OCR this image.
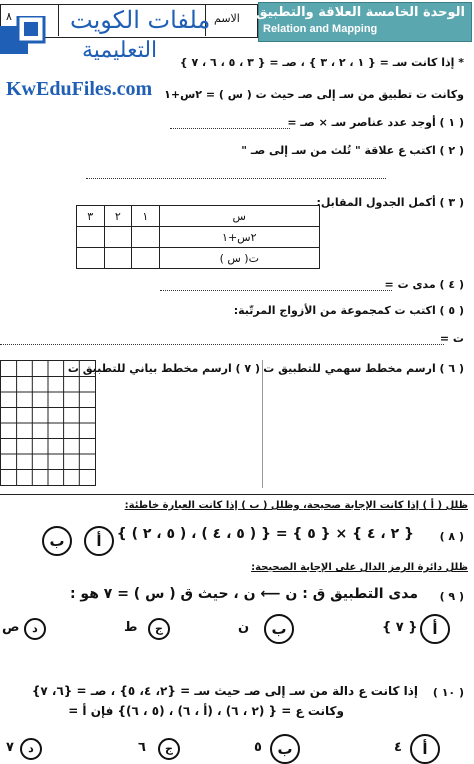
الاسم
٨	الوحدة الخامسة العلاقة والتطبيق
Relation and Mapping
ملفات الكويت
التعليمية
KwEduFiles.com
* إذا كانت سـ = { ١ ، ٢ ، ٣ } ، صـ = { ٣ ، ٥ ، ٦ ، ٧ }
وكانت ت تطبيق من سـ إلى صـ حيث ت ( س ) = ٢س+١
( ١ ) أوجد عدد عناصر سـ × صـ =
( ٢ ) اكتب ع علاقة " تُلث من سـ إلى صـ "
( ٣ ) أكمل الجدول المقابل:
٣	٢	١	س
			٢س+١
			ت( س )
( ٤ ) مدى ت =
( ٥ ) اكتب ت كمجموعة من الأزواج المرتّبة:
ت =
( ٦ ) ارسم مخطط سهمي للتطبيق ت
( ٧ ) ارسم مخطط بياني للتطبيق ت
ظلل ( أ ) إذا كانت الإجابة صحيحة، وظلل ( ب ) إذا كانت العبارة خاطئة:
( ٨ )
{ ٢ ، ٤ } × { ٥ } = { ( ٥ ، ٤ ) ، ( ٥ ، ٢ ) }
أ
ب
ظلل دائرة الرمز الدال على الإجابة الصحيحة:
( ٩ )
مدى التطبيق ق : ن ⟵ ن ، حيث ق ( س ) = ٧ هو :
أ
{ ٧ }
ب
ن
ج
ط
د
ص
( ١٠ )
إذا كانت ع دالة من سـ إلى صـ حيث سـ = {٢، ٤، ٥} ، صـ = {٦، ٧}
وكانت ع = { (٢ ، ٦) ، (أ ، ٦) ، (٥ ، ٦)} فإن أ =
أ
٤
ب
٥
ج
٦
د
٧
